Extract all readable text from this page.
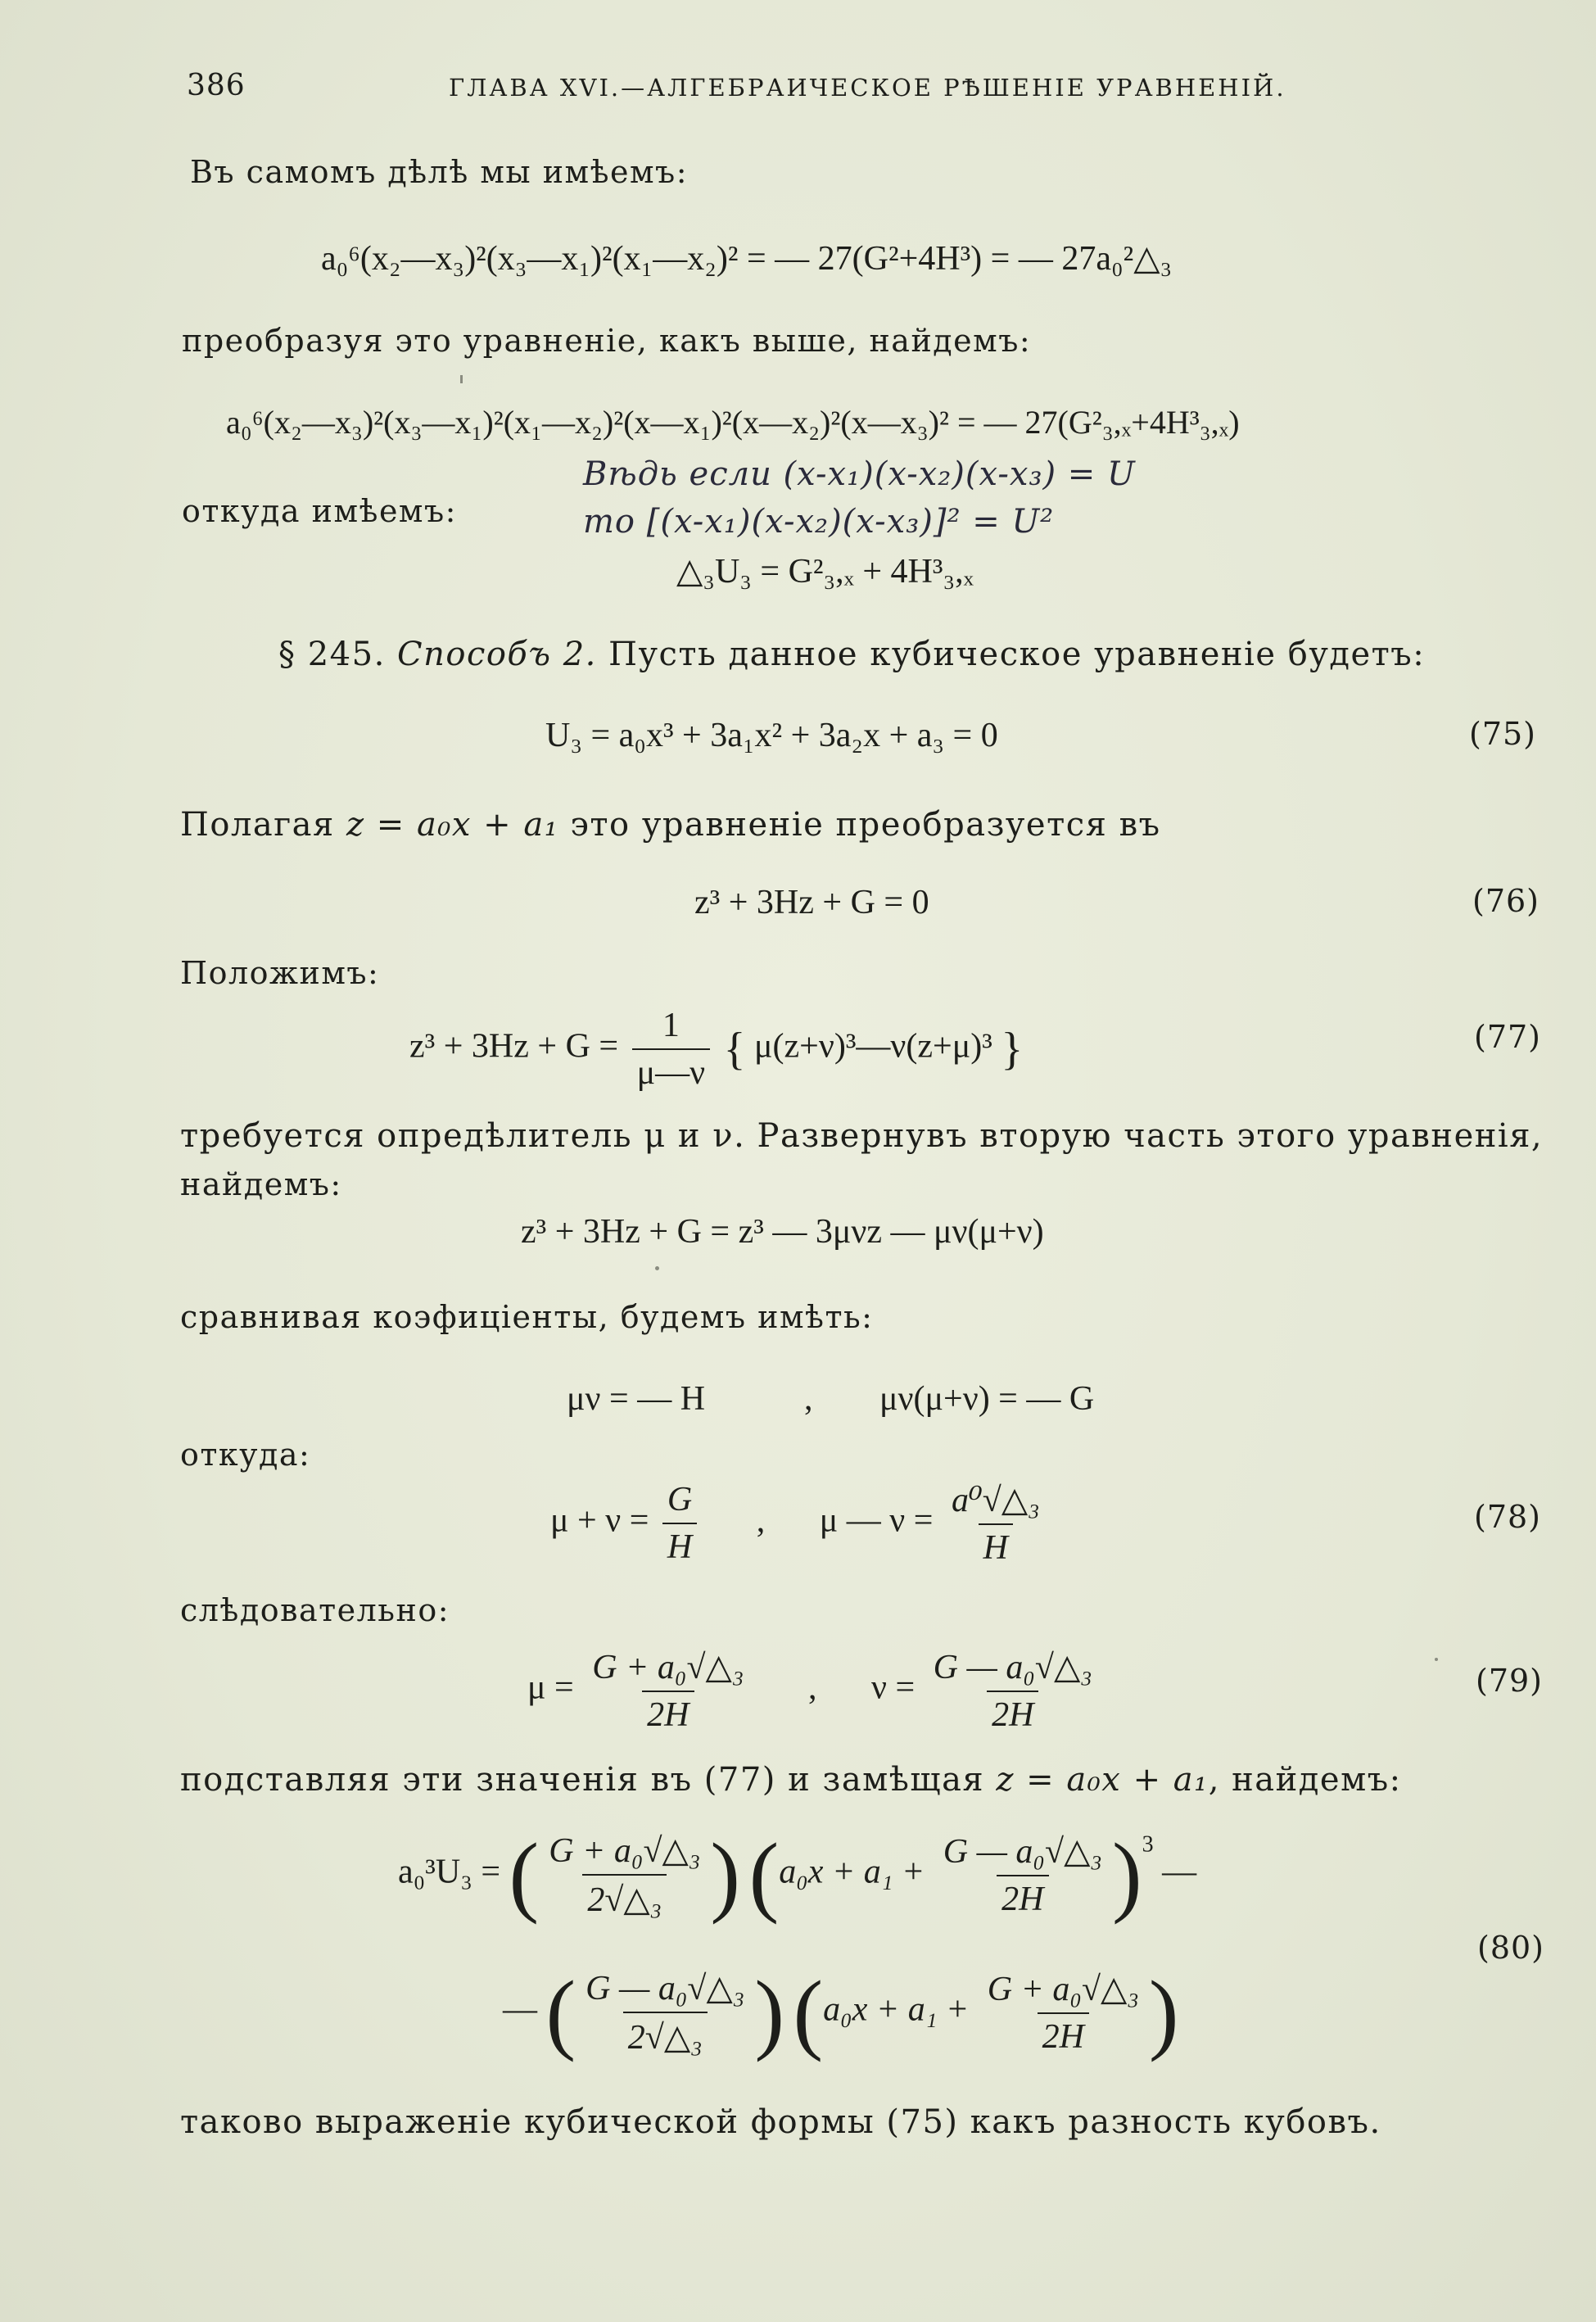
386	ГЛАВА XVI.—АЛГЕБРАИЧЕСКОЕ РѢШЕНІЕ УРАВНЕНІЙ.
Въ самомъ дѣлѣ мы имѣемъ:
a₀⁶(x₂—x₃)²(x₃—x₁)²(x₁—x₂)² = — 27(G²+4H³) = — 27a₀²△₃
преобразуя это уравненіе, какъ выше, найдемъ:
a₀⁶(x₂—x₃)²(x₃—x₁)²(x₁—x₂)²(x—x₁)²(x—x₂)²(x—x₃)² = — 27(G²₃,ₓ+4H³₃,ₓ)
Вѣдь если (x-x₁)(x-x₂)(x-x₃) = U
то [(x-x₁)(x-x₂)(x-x₃)]² = U²
откуда имѣемъ:
△₃U₃ = G²₃,ₓ + 4H³₃,ₓ
§ 245. Способъ 2. Пусть данное кубическое уравненіе будетъ:
U₃ = a₀x³ + 3a₁x² + 3a₂x + a₃ = 0	(75)
Полагая z = a₀x + a₁ это уравненіе преобразуется въ
z³ + 3Hz + G = 0	(76)
Положимъ:
$z^3 + 3Hz + G = \frac{1}{\mu—\nu}$ { μ(z+ν)³—ν(z+μ)³ }	(77)
требуется опредѣлитель μ и ν. Развернувъ вторую часть этого уравненія,
найдемъ:
z³ + 3Hz + G = z³ — 3μνz — μν(μ+ν)
сравнивая коэфиціенты, будемъ имѣть:
μν = — H	, μν(μ+ν) = — G
откуда:
$\mu + \nu = \frac{G}{H}$ , μ — $\nu = \frac{\text{a⁰√△₃}}{H}$	(78)
слѣдовательно:
$\mu = \frac{\text{G + a₀√△₃}}{2H}$ , $\nu = \frac{\text{G — a₀√△₃}}{2H}$	(79)
подставляя эти значенія въ (77) и замѣщая z = a₀x + a₁, найдемъ:
a₀³U₃ = ( $\frac{\text{G + a₀√△₃}}{\text{2√△₃}}$ ) $(a_0x + a_1 + \frac{\text{G — a₀√△₃}}{2H} )^3$ —
(80)
— ( $\frac{\text{G — a₀√△₃}}{\text{2√△₃}}$ ) ($a_0x + a_1 + \frac{\text{G + a₀√△₃}}{2H}$ )
таково выраженіе кубической формы (75) какъ разность кубовъ.
